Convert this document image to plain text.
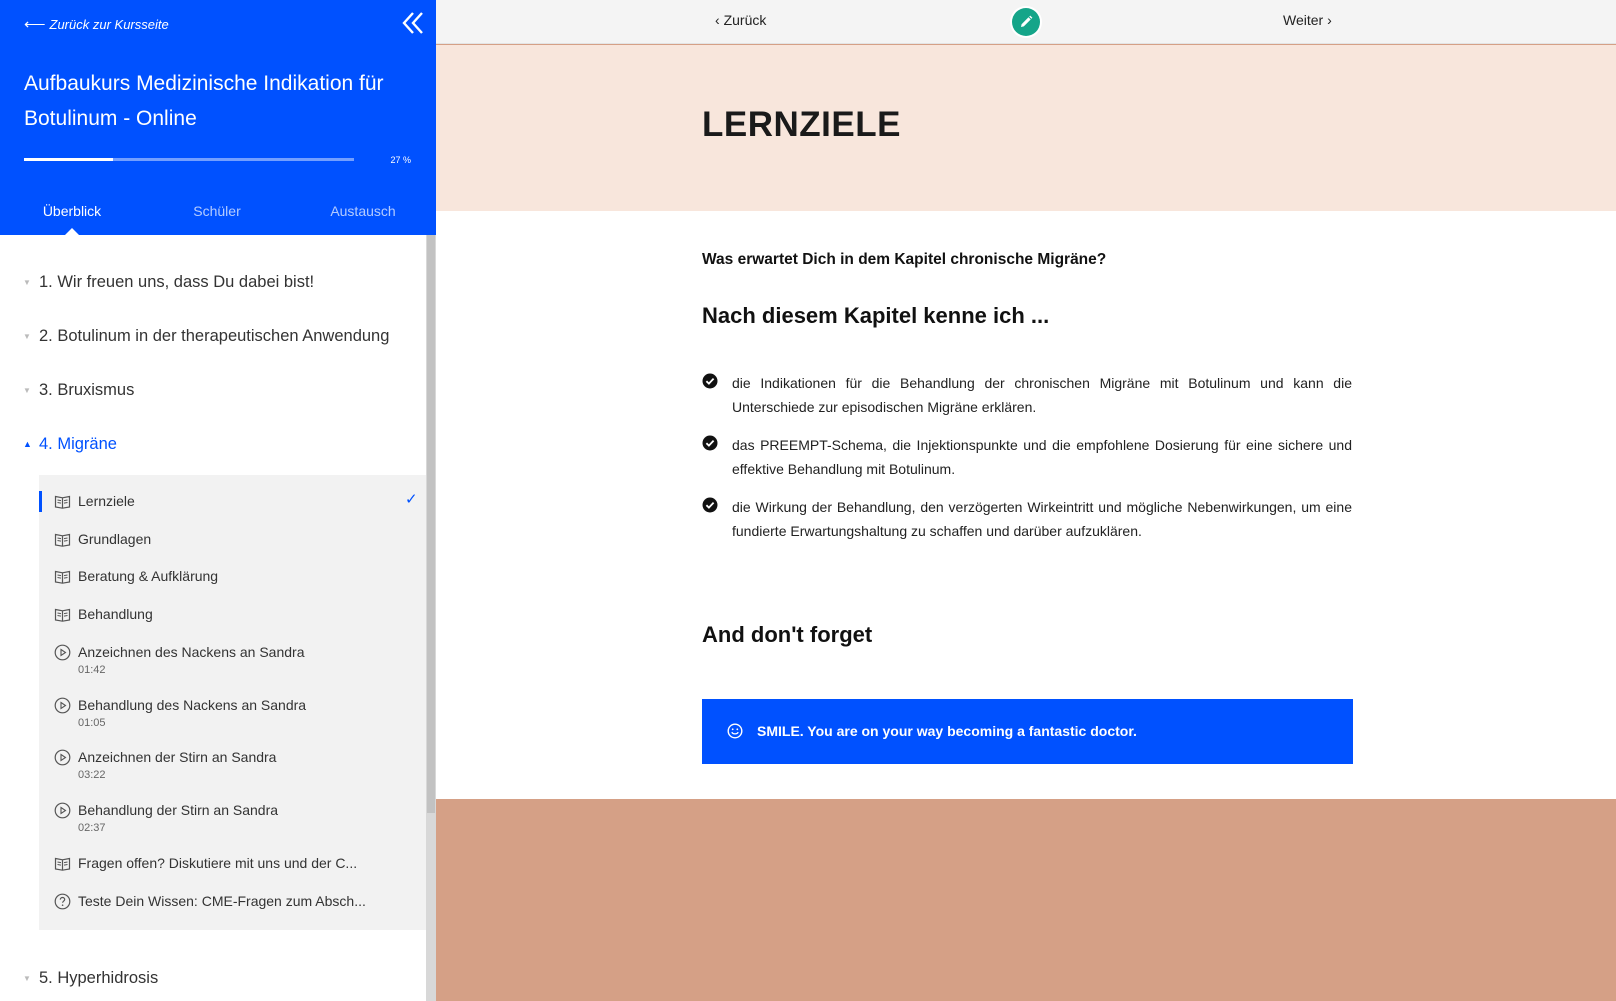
⟵ Zurück zur Kursseite
Aufbaukurs Medizinische Indikation für Botulinum - Online
27 %
Überblick	Schüler	Austausch
▼ 1. Wir freuen uns, dass Du dabei bist!
▼ 2. Botulinum in der therapeutischen Anwendung
▼ 3. Bruxismus
▲ 4. Migräne
Lernziele	✓
Grundlagen
Beratung & Aufklärung
Behandlung
Anzeichnen des Nackens an Sandra
01:42
Behandlung des Nackens an Sandra
01:05
Anzeichnen der Stirn an Sandra
03:22
Behandlung der Stirn an Sandra
02:37
Fragen offen? Diskutiere mit uns und der C...
Teste Dein Wissen: CME-Fragen zum Absch...
▼ 5. Hyperhidrosis
‹ Zurück	Weiter ›
LERNZIELE
Was erwartet Dich in dem Kapitel chronische Migräne?
Nach diesem Kapitel kenne ich ...
die Indikationen für die Behandlung der chronischen Migräne mit Botulinum und kann die Unterschiede zur episodischen Migräne erklären.
das PREEMPT-Schema, die Injektionspunkte und die empfohlene Dosierung für eine sichere und effektive Behandlung mit Botulinum.
die Wirkung der Behandlung, den verzögerten Wirkeintritt und mögliche Nebenwirkungen, um eine fundierte Erwartungshaltung zu schaffen und darüber aufzuklären.
And don't forget
SMILE. You are on your way becoming a fantastic doctor.
